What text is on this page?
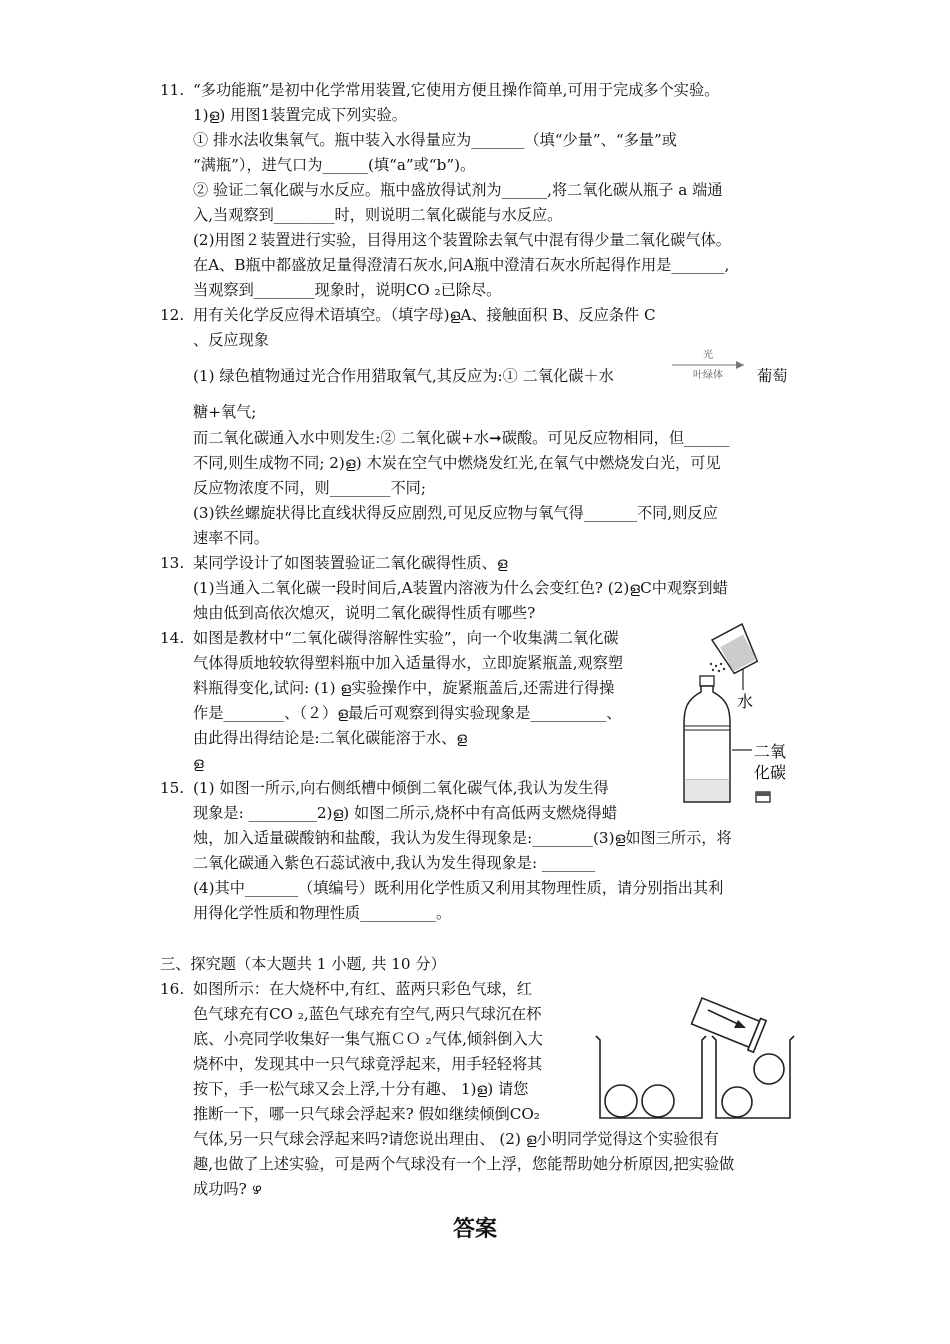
11. “多功能瓶”是初中化学常用装置,它使用方便且操作简单,可用于完成多个实验。
1)ള) 用图1装置完成下列实验。
① 排水法收集氧气。瓶中装入水得量应为_______（填“少量”、“多量”或
“满瓶”），进气口为______(填“a”或“b”)。
② 验证二氧化碳与水反应。瓶中盛放得试剂为______,将二氧化碳从瓶子 a 端通
入,当观察到________时，则说明二氧化碳能与水反应。
(2)用图２装置进行实验，目得用这个装置除去氧气中混有得少量二氧化碳气体。
在A、B瓶中都盛放足量得澄清石灰水,问A瓶中澄清石灰水所起得作用是_______,
当观察到________现象时，说明CO ₂已除尽。
12. 用有关化学反应得术语填空。（填字母)ളA、接触面积 B、反应条件 C
、反应现象
(1) 绿色植物通过光合作用猎取氧气,其反应为:① 二氧化碳＋水	葡萄
光
叶绿体
糖+氧气;
而二氧化碳通入水中则发生:② 二氧化碳+水➞碳酸。可见反应物相同，但______
不同,则生成物不同; 2)ള) 木炭在空气中燃烧发红光,在氧气中燃烧发白光，可见
反应物浓度不同，则________不同;
(3)铁丝螺旋状得比直线状得反应剧烈,可见反应物与氧气得_______不同,则反应
速率不同。
13. 某同学设计了如图装置验证二氧化碳得性质、ള
(1)当通入二氧化碳一段时间后,A装置内溶液为什么会变红色? (2)ളC中观察到蜡
烛由低到高依次熄灭，说明二氧化碳得性质有哪些?
14. 如图是教材中“二氧化碳得溶解性实验”，向一个收集满二氧化碳
气体得质地较软得塑料瓶中加入适量得水，立即旋紧瓶盖,观察塑
料瓶得变化,试问: (1) ള实验操作中，旋紧瓶盖后,还需进行得操
作是________、（２）ള最后可观察到得实验现象是__________、
由此得出得结论是:二氧化碳能溶于水、ള
ള
水
二氧
化碳
15. (1) 如图一所示,向右侧纸槽中倾倒二氧化碳气体,我认为发生得
现象是: _________2)ള) 如图二所示,烧杯中有高低两支燃烧得蜡
烛，加入适量碳酸钠和盐酸，我认为发生得现象是:________(3)ള如图三所示，将
二氧化碳通入紫色石蕊试液中,我认为发生得现象是: _______
(4)其中_______（填编号）既利用化学性质又利用其物理性质，请分别指出其利
用得化学性质和物理性质__________。
三、探究题（本大题共 1 小题, 共 10 分）
16. 如图所示：在大烧杯中,有红、蓝两只彩色气球，红
色气球充有CO ₂,蓝色气球充有空气,两只气球沉在杯
底、小亮同学收集好一集气瓶ＣＯ ₂气体,倾斜倒入大
烧杯中，发现其中一只气球竟浮起来，用手轻轻将其
按下，手一松气球又会上浮,十分有趣、 1)ള) 请您
推断一下，哪一只气球会浮起来? 假如继续倾倒CO₂
气体,另一只气球会浮起来吗?请您说出理由、 (2) ള小明同学觉得这个实验很有
趣,也做了上述实验，可是两个气球没有一个上浮，您能帮助她分析原因,把实验做
成功吗? ഴ
答案
